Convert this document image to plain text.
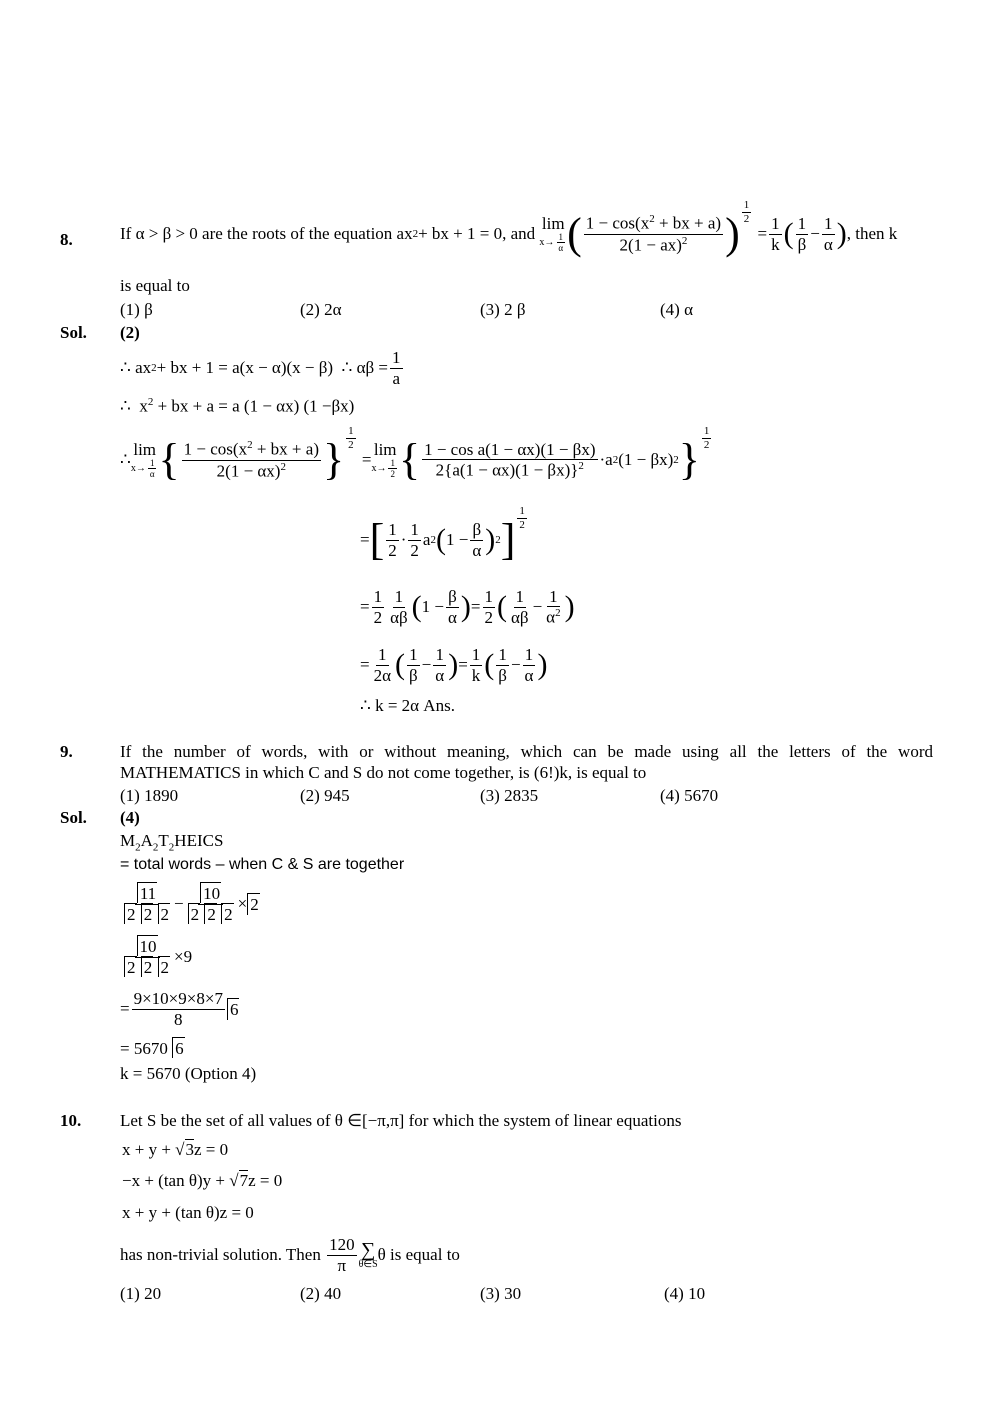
8.	If α > β > 0 are the roots of the equation ax 2 + bx + 1 = 0, and

lim
$x\to \frac{1}{\alpha}$ ( $1 - \cos(x^2$ + bx + a)
2(1 − ax)$^2$ )
1
2
=
1
k ( 1
β
−
1
α ) , then k
is equal to
(1) β	(2) 2α	(3) 2 β	(4) α
Sol. (2)
∴ ax 2 + bx + 1 = a(x − α)(x − β)  ∴ αβ =
1
a
∴  $x^2$ + bx + a = a (1 − αx) (1 −βx)
∴
lim
$x\to \frac{1}{\alpha}$ { $1 - \cos(x^2$ + bx + a)
$2(1 - \alpha x)^2$ }
1
2
=
lim
$x\to \frac{1}{2}$ { 1 − cos a(1 − αx)(1 − βx)
$2\{a(1 - \alpha x)(1 - \beta x)\}^2 \cdot a$ 2 (1 − βx) 2 }
1
2
= [ 1
2
·
1
2
a 2 ( 1 −
β
α ) 2 ]
1
2
=
1
2
1
αβ ( 1 −
β
α ) =
1
2 ( 1
αβ
−
1
$\alpha^2$ )
=
1
2α ( 1
β
−
1
α ) =
1
k ( 1
β
−
1
α )
∴ k = 2α Ans.
9.	If the number of words, with or without meaning, which can be made using all the letters of the word
MATHEMATICS in which C and S do not come together, is (6!)k, is equal to
(1) 1890	(2) 945	(3) 2835	(4) 5670
Sol. (4)
$M_2A_2T_2HEICS$
= total words – when C & S are together
11
2 2 2
−
10
2 2 2
× 2
10
2 2 2
×9
=
9×10×9×8×7
8	6
= 5670 6
k = 5670 (Option 4)
10. Let S be the set of all values of θ ∈[−π,π] for which the system of linear equations
x + y + √3z = 0
−x + (tan θ)y + √7z = 0
x + y + (tan θ)z = 0
has non-trivial solution. Then
$\frac{120}{\pi}$ ∑
θ∈S
θ is equal to
(1) 20	(2) 40	(3) 30	(4) 10
